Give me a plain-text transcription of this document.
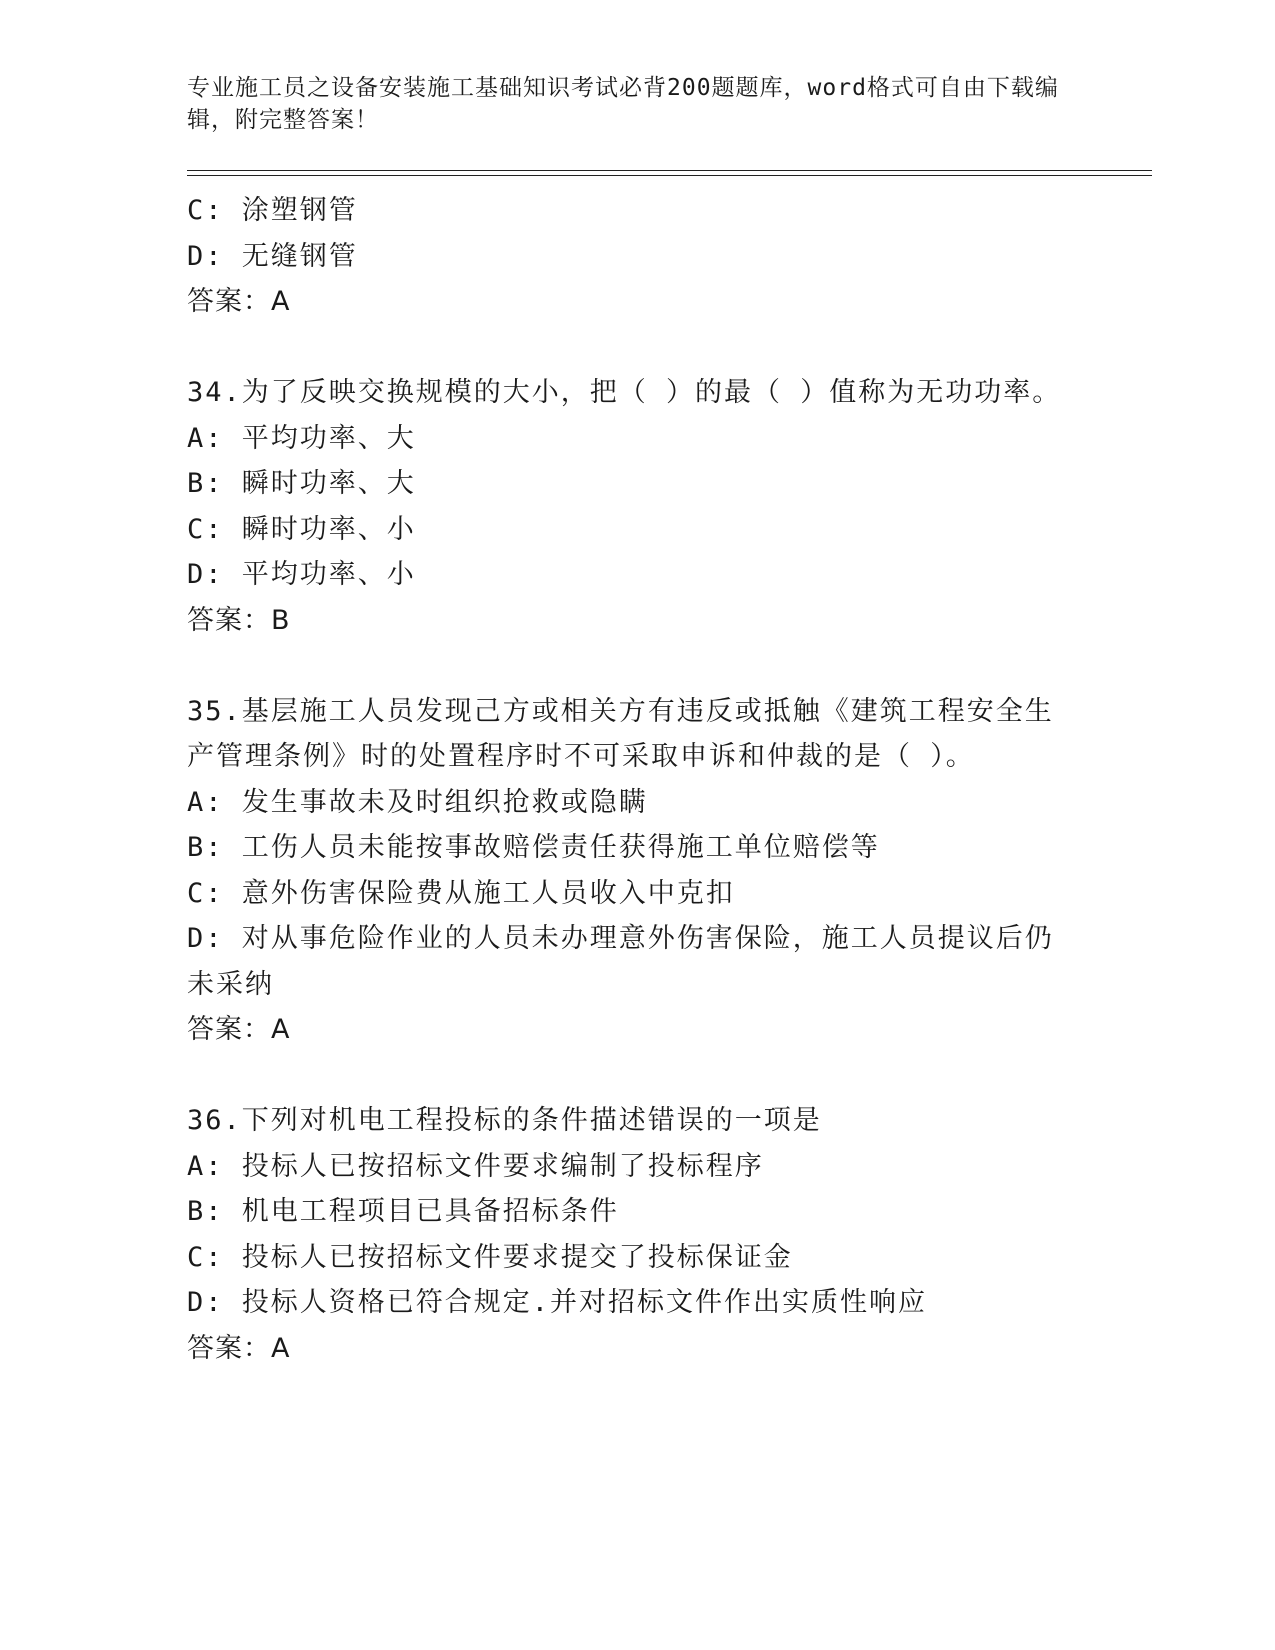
专业施工员之设备安装施工基础知识考试必背200题题库，word格式可自由下载编辑，附完整答案！
C: 涂塑钢管
D: 无缝钢管
答案：A
34.为了反映交换规模的大小，把（ ）的最（ ）值称为无功功率。
A: 平均功率、大
B: 瞬时功率、大
C: 瞬时功率、小
D: 平均功率、小
答案：B
35.基层施工人员发现己方或相关方有违反或抵触《建筑工程安全生产管理条例》时的处置程序时不可采取申诉和仲裁的是（ ）。
A: 发生事故未及时组织抢救或隐瞒
B: 工伤人员未能按事故赔偿责任获得施工单位赔偿等
C: 意外伤害保险费从施工人员收入中克扣
D: 对从事危险作业的人员未办理意外伤害保险，施工人员提议后仍未采纳
答案：A
36.下列对机电工程投标的条件描述错误的一项是
A: 投标人已按招标文件要求编制了投标程序
B: 机电工程项目已具备招标条件
C: 投标人已按招标文件要求提交了投标保证金
D: 投标人资格已符合规定.并对招标文件作出实质性响应
答案：A
